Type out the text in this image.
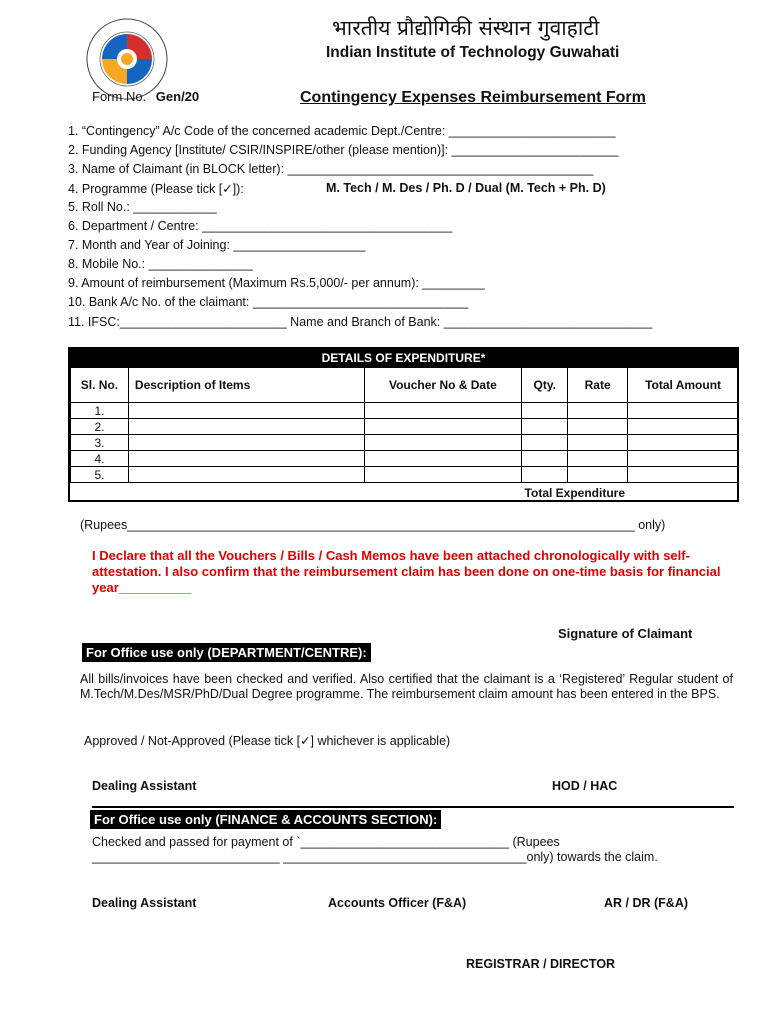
भारतीय प्रौद्योगिकी संस्थान गुवाहाटी
Indian Institute of Technology Guwahati
Form No. Gen/20	Contingency Expenses Reimbursement Form
1. “Contingency” A/c Code of the concerned academic Dept./Centre: ________________________
2. Funding Agency [Institute/ CSIR/INSPIRE/other (please mention)]: ________________________
3. Name of Claimant (in BLOCK letter): ____________________________________________
4. Programme (Please tick [✓]):	M. Tech / M. Des / Ph. D / Dual (M. Tech + Ph. D)
5. Roll No.: ____________
6. Department / Centre: ____________________________________
7. Month and Year of Joining: ___________________
8. Mobile No.: _______________
9. Amount of reimbursement (Maximum Rs.5,000/- per annum): _________
10. Bank A/c No. of the claimant: _______________________________
11. IFSC:________________________ Name and Branch of Bank: ______________________________
DETAILS OF EXPENDITURE*
Sl. No.	Description of Items	Voucher No & Date	Qty.	Rate	Total Amount
1.					
2.					
3.					
4.					
5.					
Total Expenditure
(Rupees_________________________________________________________________________ only)
I Declare that all the Vouchers / Bills / Cash Memos have been attached chronologically with self-attestation. I also confirm that the reimbursement claim has been done on one-time basis for financial year__________
Signature of Claimant
For Office use only (DEPARTMENT/CENTRE):
All bills/invoices have been checked and verified. Also certified that the claimant is a ‘Registered’ Regular student of M.Tech/M.Des/MSR/PhD/Dual Degree programme. The reimbursement claim amount has been entered in the BPS.
Approved / Not-Approved (Please tick [✓] whichever is applicable)
Dealing Assistant	HOD / HAC
For Office use only (FINANCE & ACCOUNTS SECTION):
Checked and passed for payment of `______________________________ (Rupees
___________________________ ___________________________________only) towards the claim.
Dealing Assistant	Accounts Officer (F&A)	AR / DR (F&A)
REGISTRAR / DIRECTOR
